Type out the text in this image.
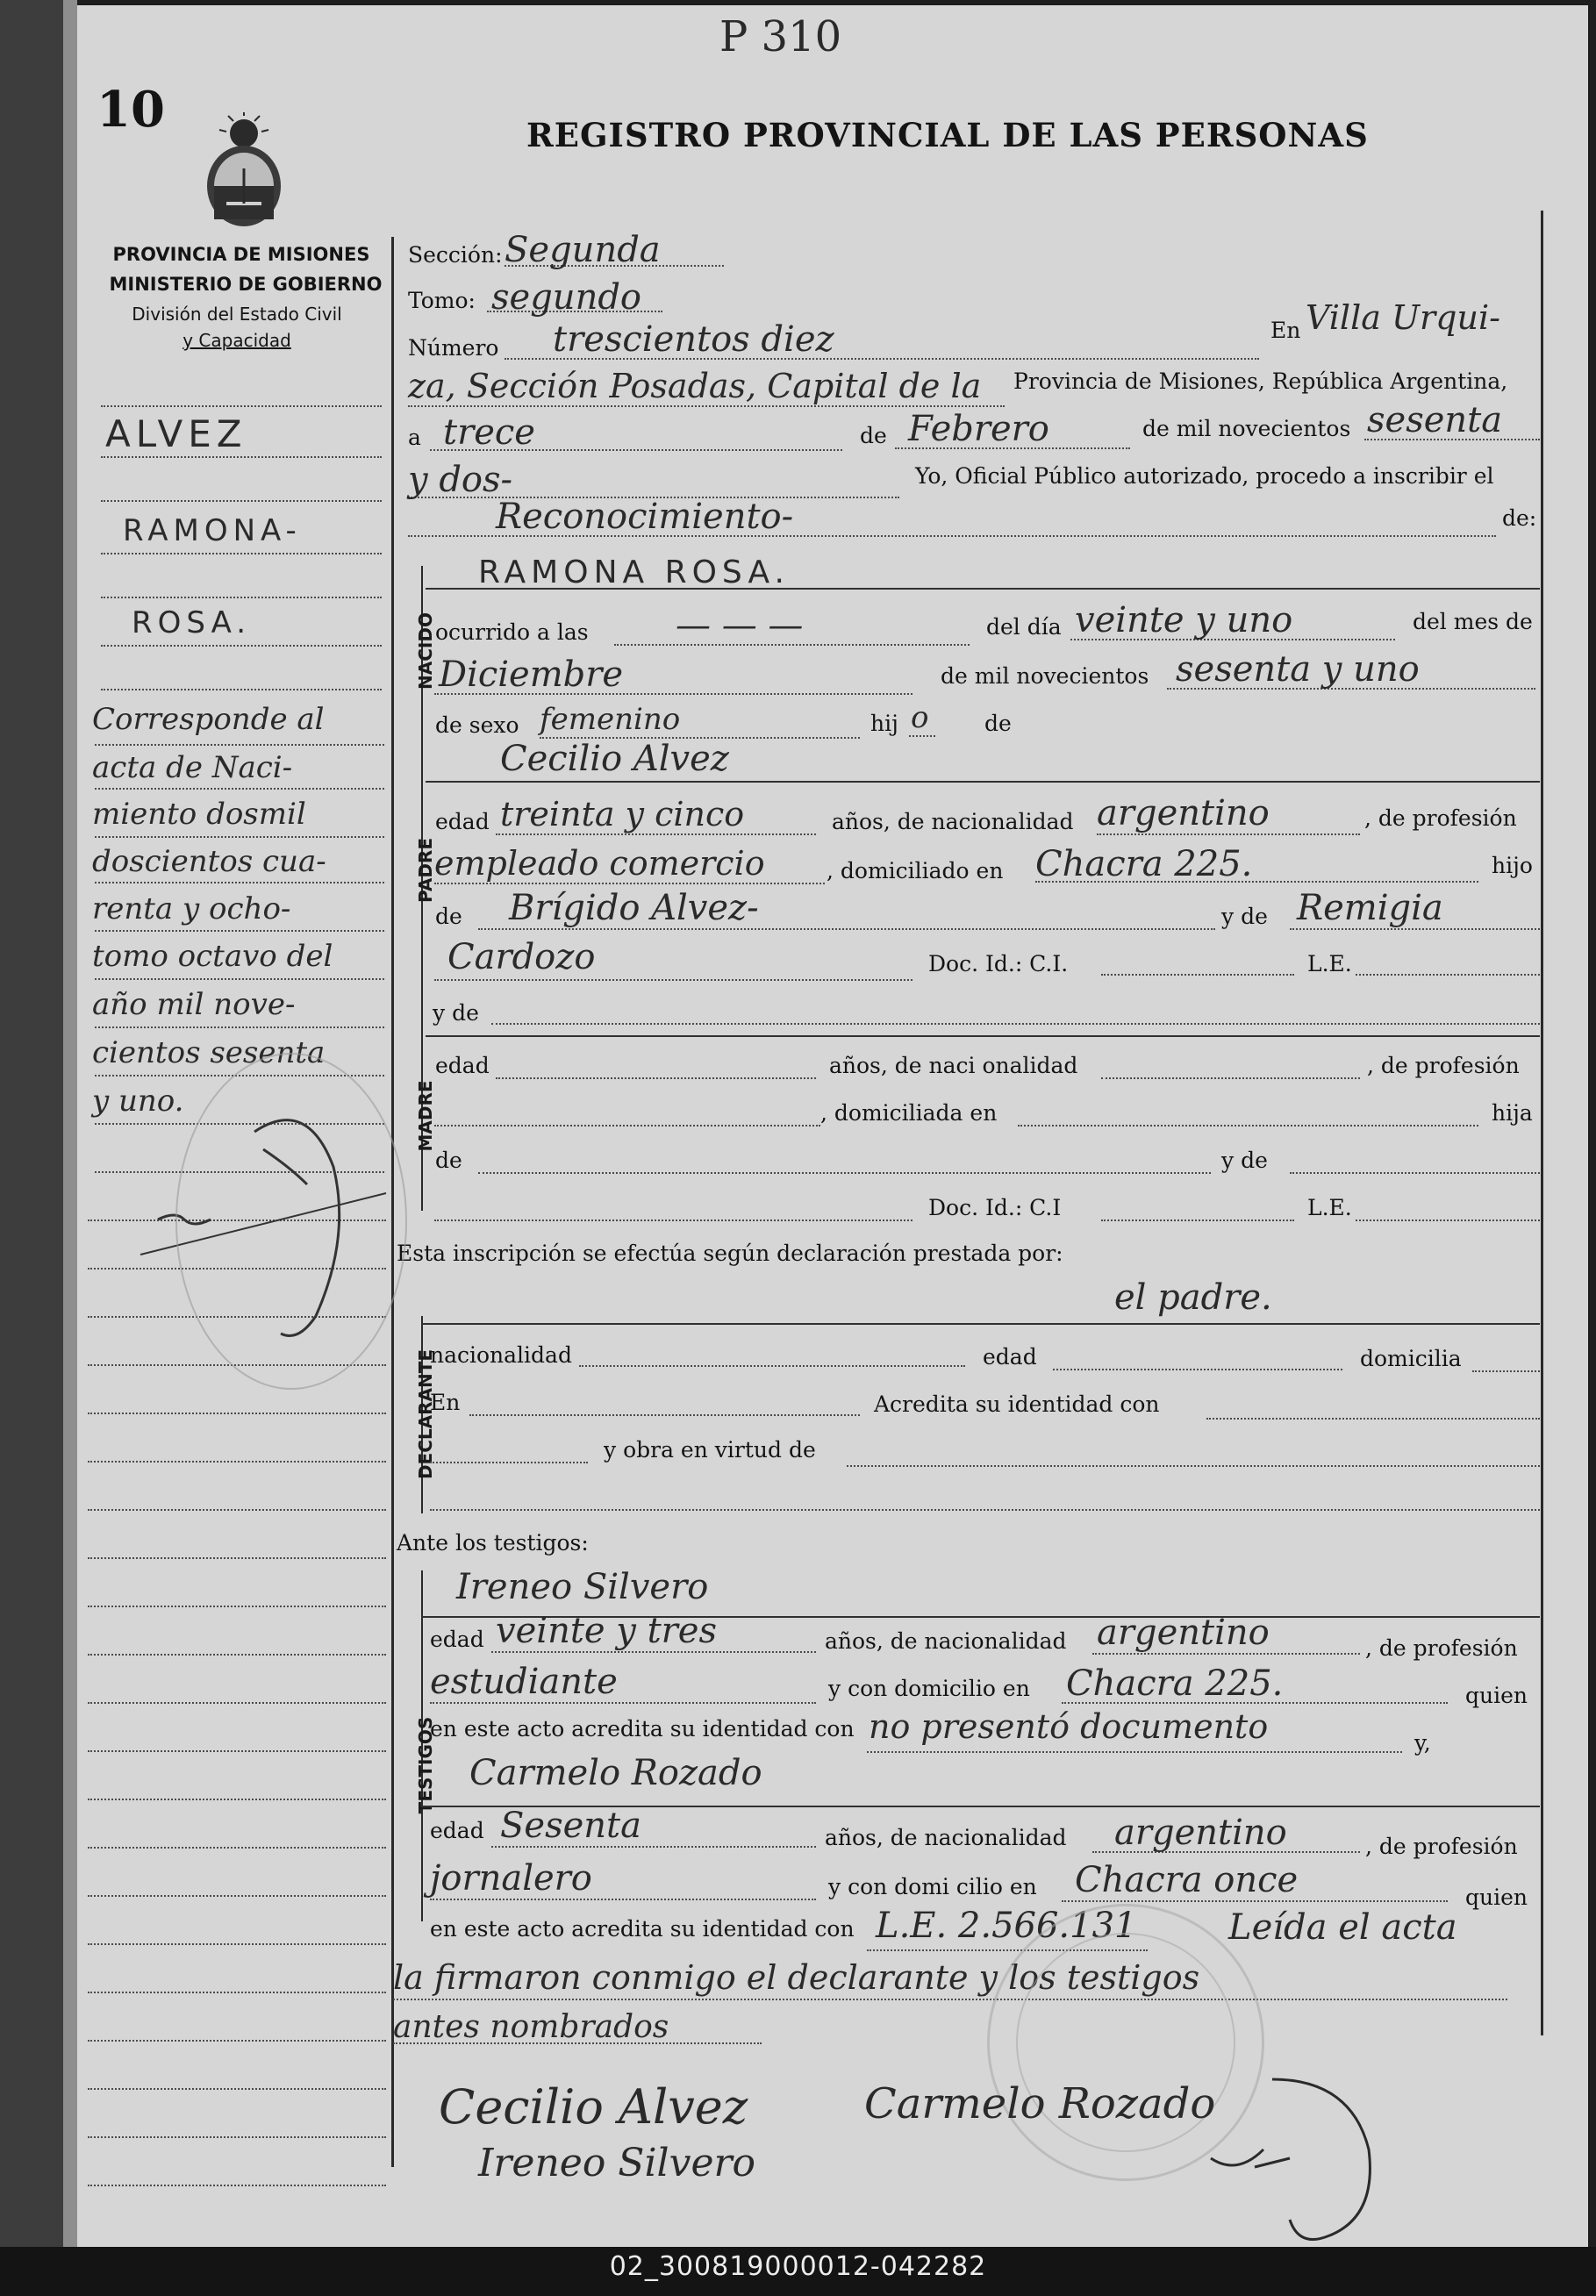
P 310
10	REGISTRO PROVINCIAL DE LAS PERSONAS
PROVINCIA DE MISIONES
MINISTERIO DE GOBIERNO
División del Estado Civil
y Capacidad
ALVEZ
RAMONA-
ROSA.
Corresponde al
acta de Naci-
miento dosmil
doscientos cua-
renta y ocho-
tomo octavo del
año mil nove-
cientos sesenta
y uno.
NACIDO
PADRE
MADRE
DECLARANTE
TESTIGOS
Sección: Segunda
Tomo: segundo
Número trescientos diez	En Villa Urqui-
za, Sección Posadas, Capital de la Provincia de Misiones, República Argentina,
a trece	de Febrero	de mil novecientos sesenta
y dos-	Yo, Oficial Público autorizado, procedo a inscribir el
Reconocimiento-	de:
RAMONA ROSA.
ocurrido a las — — —	del día veinte y uno	del mes de
Diciembre	de mil novecientos sesenta y uno
de sexo femenino	hij o	de
Cecilio Alvez
edad treinta y cinco	años, de nacionalidad argentino	, de profesión
empleado comercio	, domiciliado en Chacra 225.	hijo
de Brígido Alvez-	y de Remigia
Cardozo	Doc. Id.: C.I.	L.E.
y de
edad	años, de naci onalidad	, de profesión
, domiciliada en	hija
de	y de
Doc. Id.: C.I	L.E.
Esta inscripción se efectúa según declaración prestada por:
el padre.
nacionalidad	edad	domicilia
En	Acredita su identidad con
y obra en virtud de
Ante los testigos:
Ireneo Silvero
edad veinte y tres	años, de nacionalidad argentino	, de profesión
estudiante	y con domicilio en Chacra 225.	quien
en este acto acredita su identidad con no presentó documento	y,
Carmelo Rozado
edad Sesenta	años, de nacionalidad argentino	, de profesión
jornalero	y con domi cilio en Chacra once	quien
en este acto acredita su identidad con L.E. 2.566.131	Leída el acta
la firmaron conmigo el declarante y los testigos
antes nombrados
Cecilio Alvez	Carmelo Rozado
Ireneo Silvero
02_300819000012-042282
